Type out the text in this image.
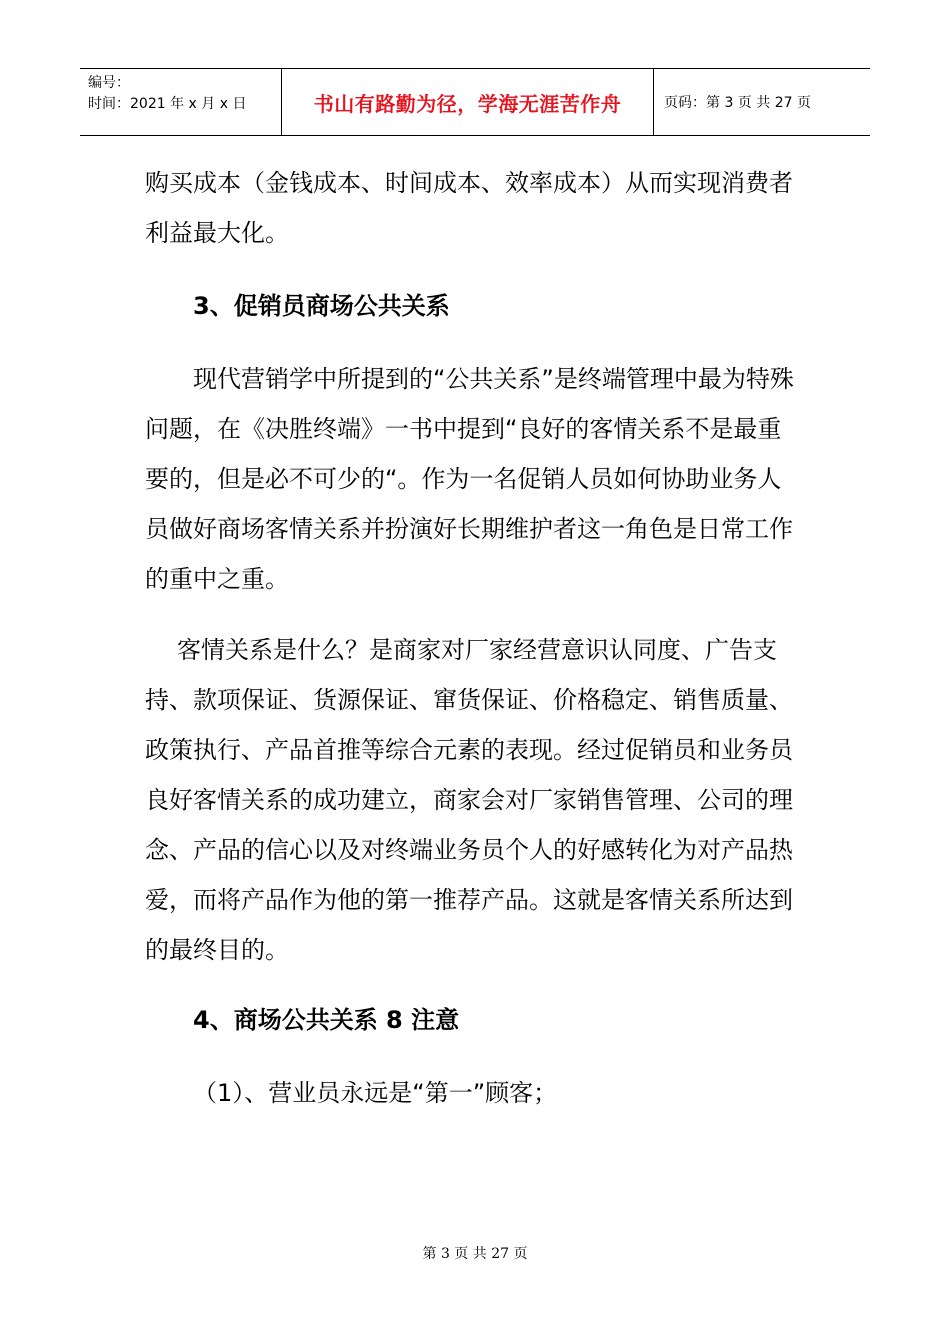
编号：
时间：2021 年 x 月 x 日	书山有路勤为径，学海无涯苦作舟	页码：第 3 页 共 27 页

购买成本（金钱成本、时间成本、效率成本）从而实现消费者利益最大化。

3、促销员商场公共关系

现代营销学中所提到的“公共关系”是终端管理中最为特殊问题，在《决胜终端》一书中提到“良好的客情关系不是最重要的，但是必不可少的“。作为一名促销人员如何协助业务人员做好商场客情关系并扮演好长期维护者这一角色是日常工作的重中之重。

客情关系是什么？是商家对厂家经营意识认同度、广告支持、款项保证、货源保证、窜货保证、价格稳定、销售质量、政策执行、产品首推等综合元素的表现。经过促销员和业务员良好客情关系的成功建立，商家会对厂家销售管理、公司的理念、产品的信心以及对终端业务员个人的好感转化为对产品热爱，而将产品作为他的第一推荐产品。这就是客情关系所达到的最终目的。

4、商场公共关系 8 注意

（1）、营业员永远是“第一”顾客；

第 3 页 共 27 页
